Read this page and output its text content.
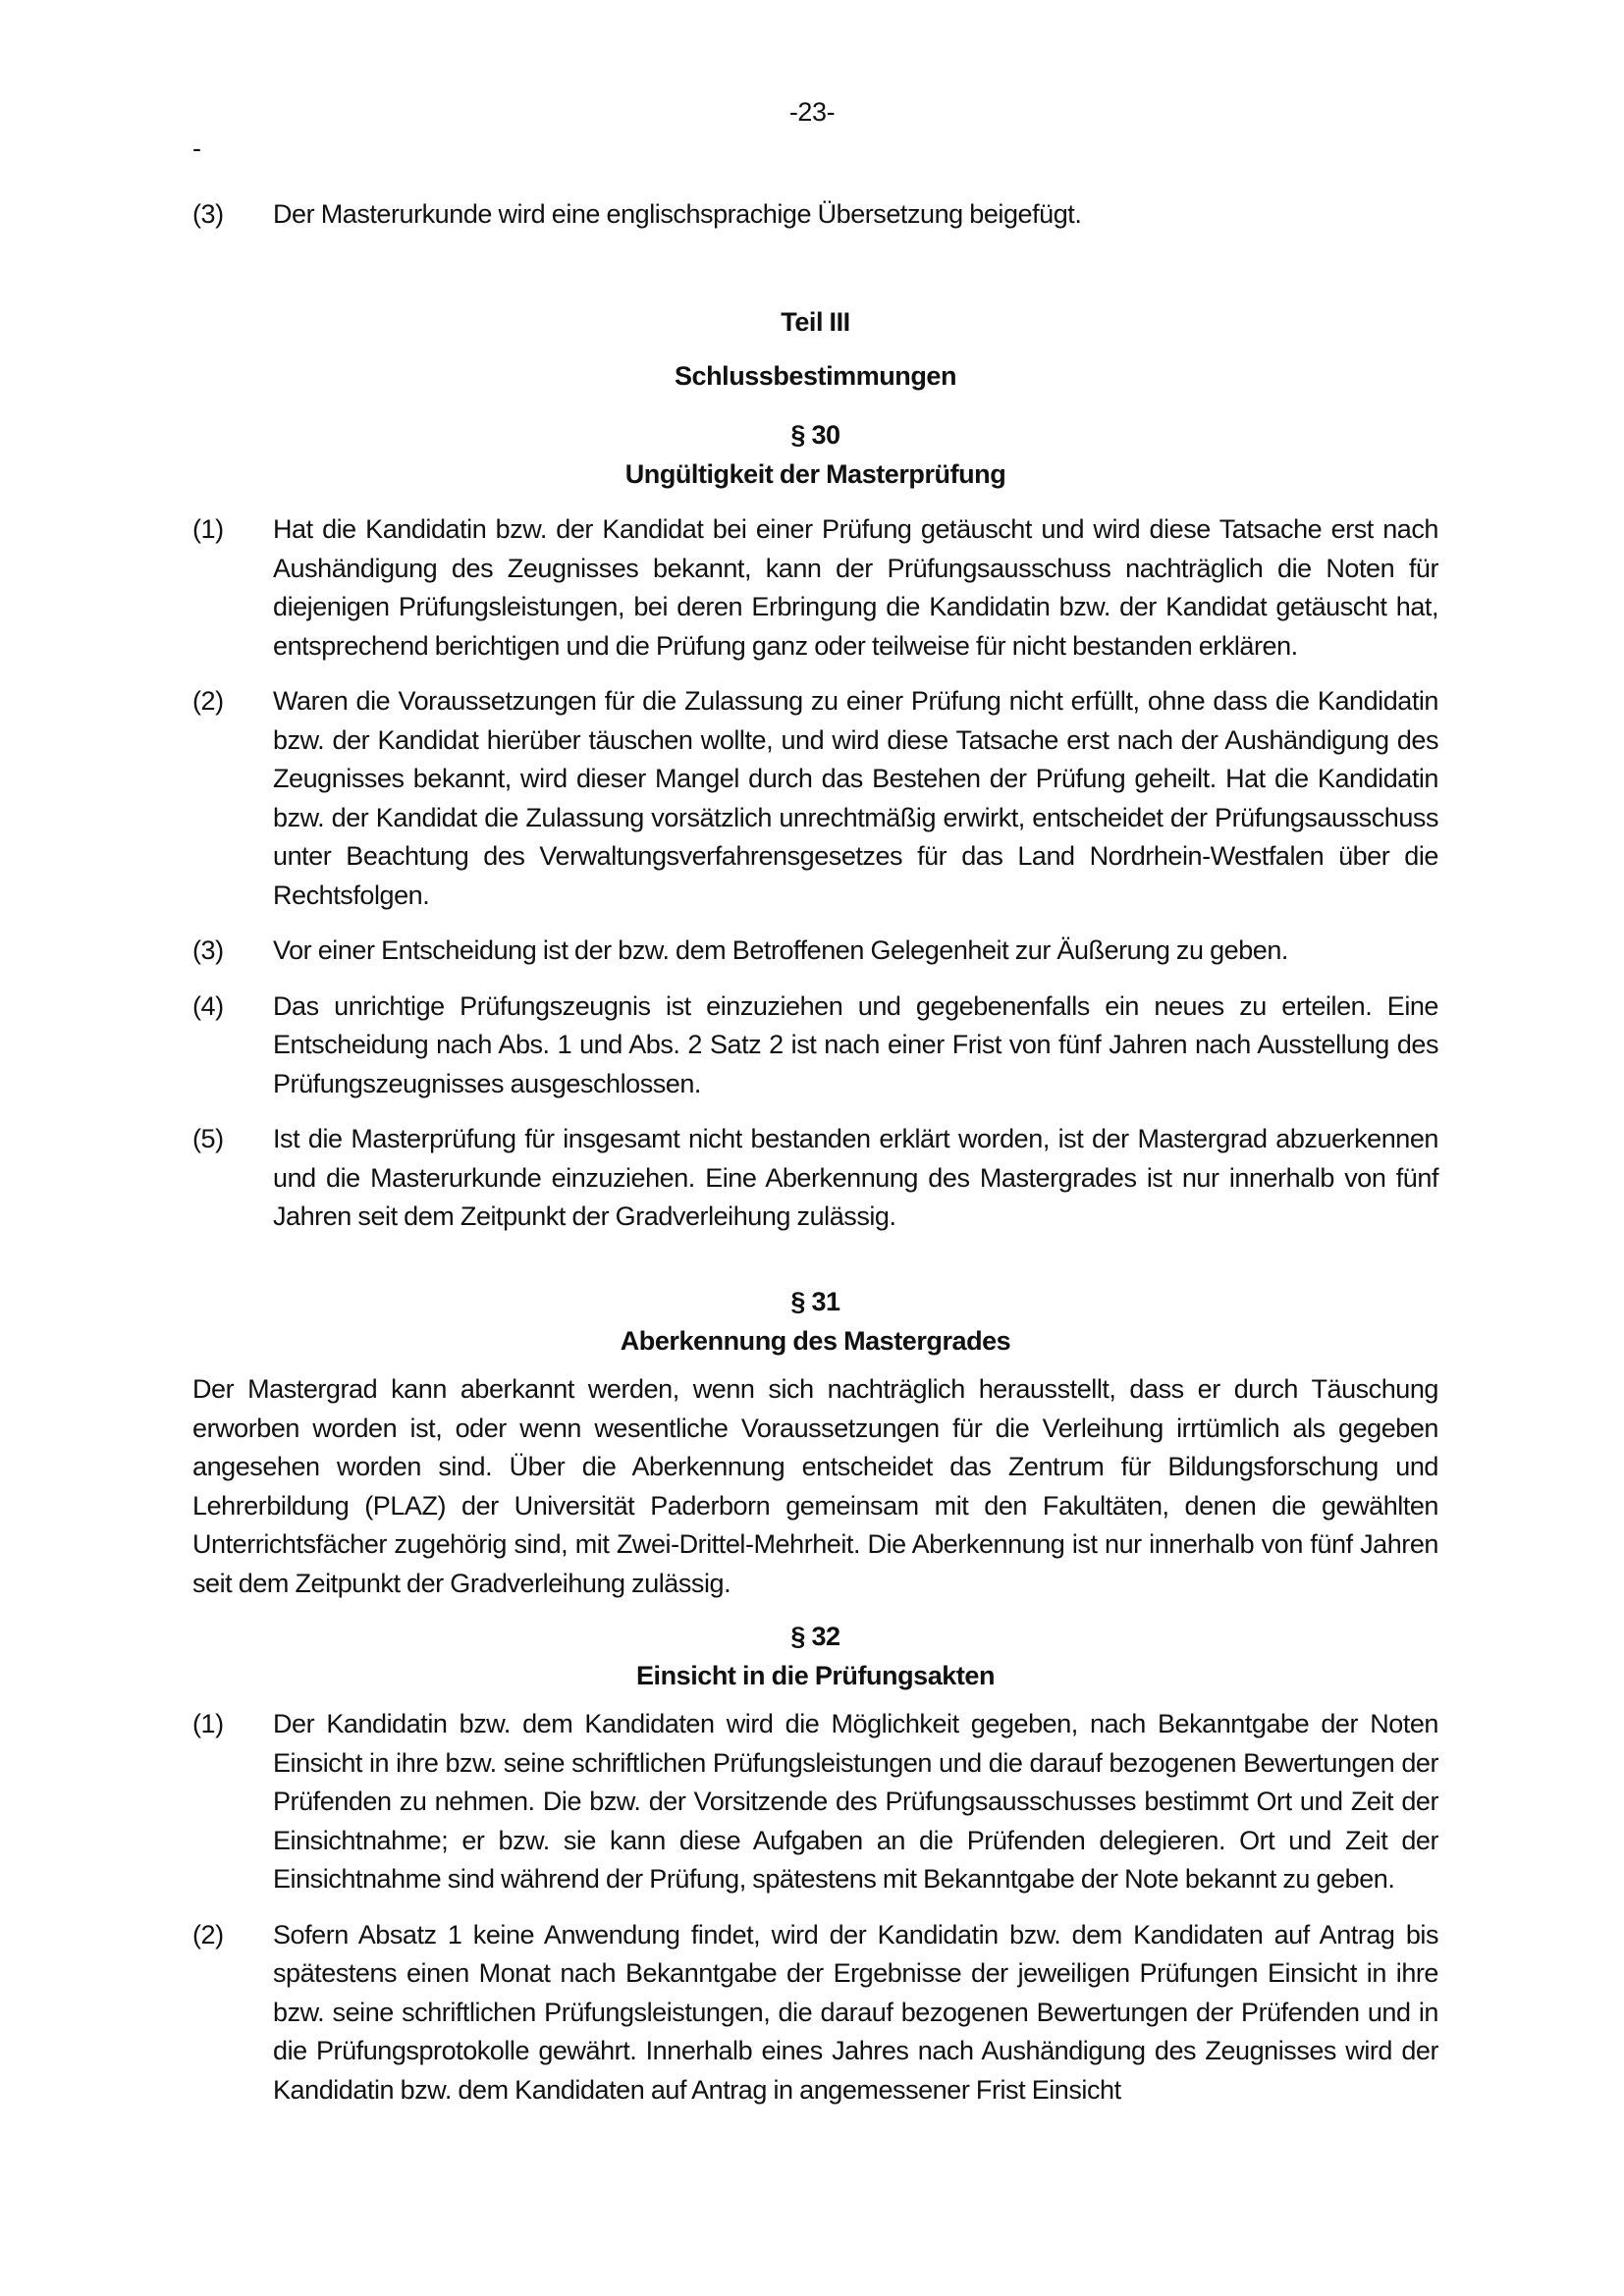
-23-
-

(3)	Der Masterurkunde wird eine englischsprachige Übersetzung beigefügt.

Teil III

Schlussbestimmungen

§ 30

Ungültigkeit der Masterprüfung

(1)	Hat die Kandidatin bzw. der Kandidat bei einer Prüfung getäuscht und wird diese Tatsache erst nach Aushändigung des Zeugnisses bekannt, kann der Prüfungsausschuss nachträglich die Noten für diejenigen Prüfungsleistungen, bei deren Erbringung die Kandidatin bzw. der Kandidat getäuscht hat, entsprechend berichtigen und die Prüfung ganz oder teilweise für nicht bestanden erklären.

(2)	Waren die Voraussetzungen für die Zulassung zu einer Prüfung nicht erfüllt, ohne dass die Kandidatin bzw. der Kandidat hierüber täuschen wollte, und wird diese Tatsache erst nach der Aushändigung des Zeugnisses bekannt, wird dieser Mangel durch das Bestehen der Prüfung geheilt. Hat die Kandidatin bzw. der Kandidat die Zulassung vorsätzlich unrechtmäßig erwirkt, entscheidet der Prüfungsausschuss unter Beachtung des Verwaltungsverfahrensgesetzes für das Land Nordrhein-Westfalen über die Rechtsfolgen.

(3)	Vor einer Entscheidung ist der bzw. dem Betroffenen Gelegenheit zur Äußerung zu geben.

(4)	Das unrichtige Prüfungszeugnis ist einzuziehen und gegebenenfalls ein neues zu erteilen. Eine Entscheidung nach Abs. 1 und Abs. 2 Satz 2 ist nach einer Frist von fünf Jahren nach Ausstellung des Prüfungszeugnisses ausgeschlossen.

(5)	Ist die Masterprüfung für insgesamt nicht bestanden erklärt worden, ist der Mastergrad abzuerkennen und die Masterurkunde einzuziehen. Eine Aberkennung des Mastergrades ist nur innerhalb von fünf Jahren seit dem Zeitpunkt der Gradverleihung zulässig.

§ 31

Aberkennung des Mastergrades

Der Mastergrad kann aberkannt werden, wenn sich nachträglich herausstellt, dass er durch Täuschung erworben worden ist, oder wenn wesentliche Voraussetzungen für die Verleihung irrtümlich als gegeben angesehen worden sind. Über die Aberkennung entscheidet das Zentrum für Bildungsforschung und Lehrerbildung (PLAZ) der Universität Paderborn gemeinsam mit den Fakultäten, denen die gewählten Unterrichtsfächer zugehörig sind, mit Zwei-Drittel-Mehrheit. Die Aberkennung ist nur innerhalb von fünf Jahren seit dem Zeitpunkt der Gradverleihung zulässig.

§ 32

Einsicht in die Prüfungsakten

(1)	Der Kandidatin bzw. dem Kandidaten wird die Möglichkeit gegeben, nach Bekanntgabe der Noten Einsicht in ihre bzw. seine schriftlichen Prüfungsleistungen und die darauf bezogenen Bewertungen der Prüfenden zu nehmen. Die bzw. der Vorsitzende des Prüfungsausschusses bestimmt Ort und Zeit der Einsichtnahme; er bzw. sie kann diese Aufgaben an die Prüfenden delegieren. Ort und Zeit der Einsichtnahme sind während der Prüfung, spätestens mit Bekanntgabe der Note bekannt zu geben.

(2)	Sofern Absatz 1 keine Anwendung findet, wird der Kandidatin bzw. dem Kandidaten auf Antrag bis spätestens einen Monat nach Bekanntgabe der Ergebnisse der jeweiligen Prüfungen Einsicht in ihre bzw. seine schriftlichen Prüfungsleistungen, die darauf bezogenen Bewertungen der Prüfenden und in die Prüfungsprotokolle gewährt. Innerhalb eines Jahres nach Aushändigung des Zeugnisses wird der Kandidatin bzw. dem Kandidaten auf Antrag in angemessener Frist Einsicht
